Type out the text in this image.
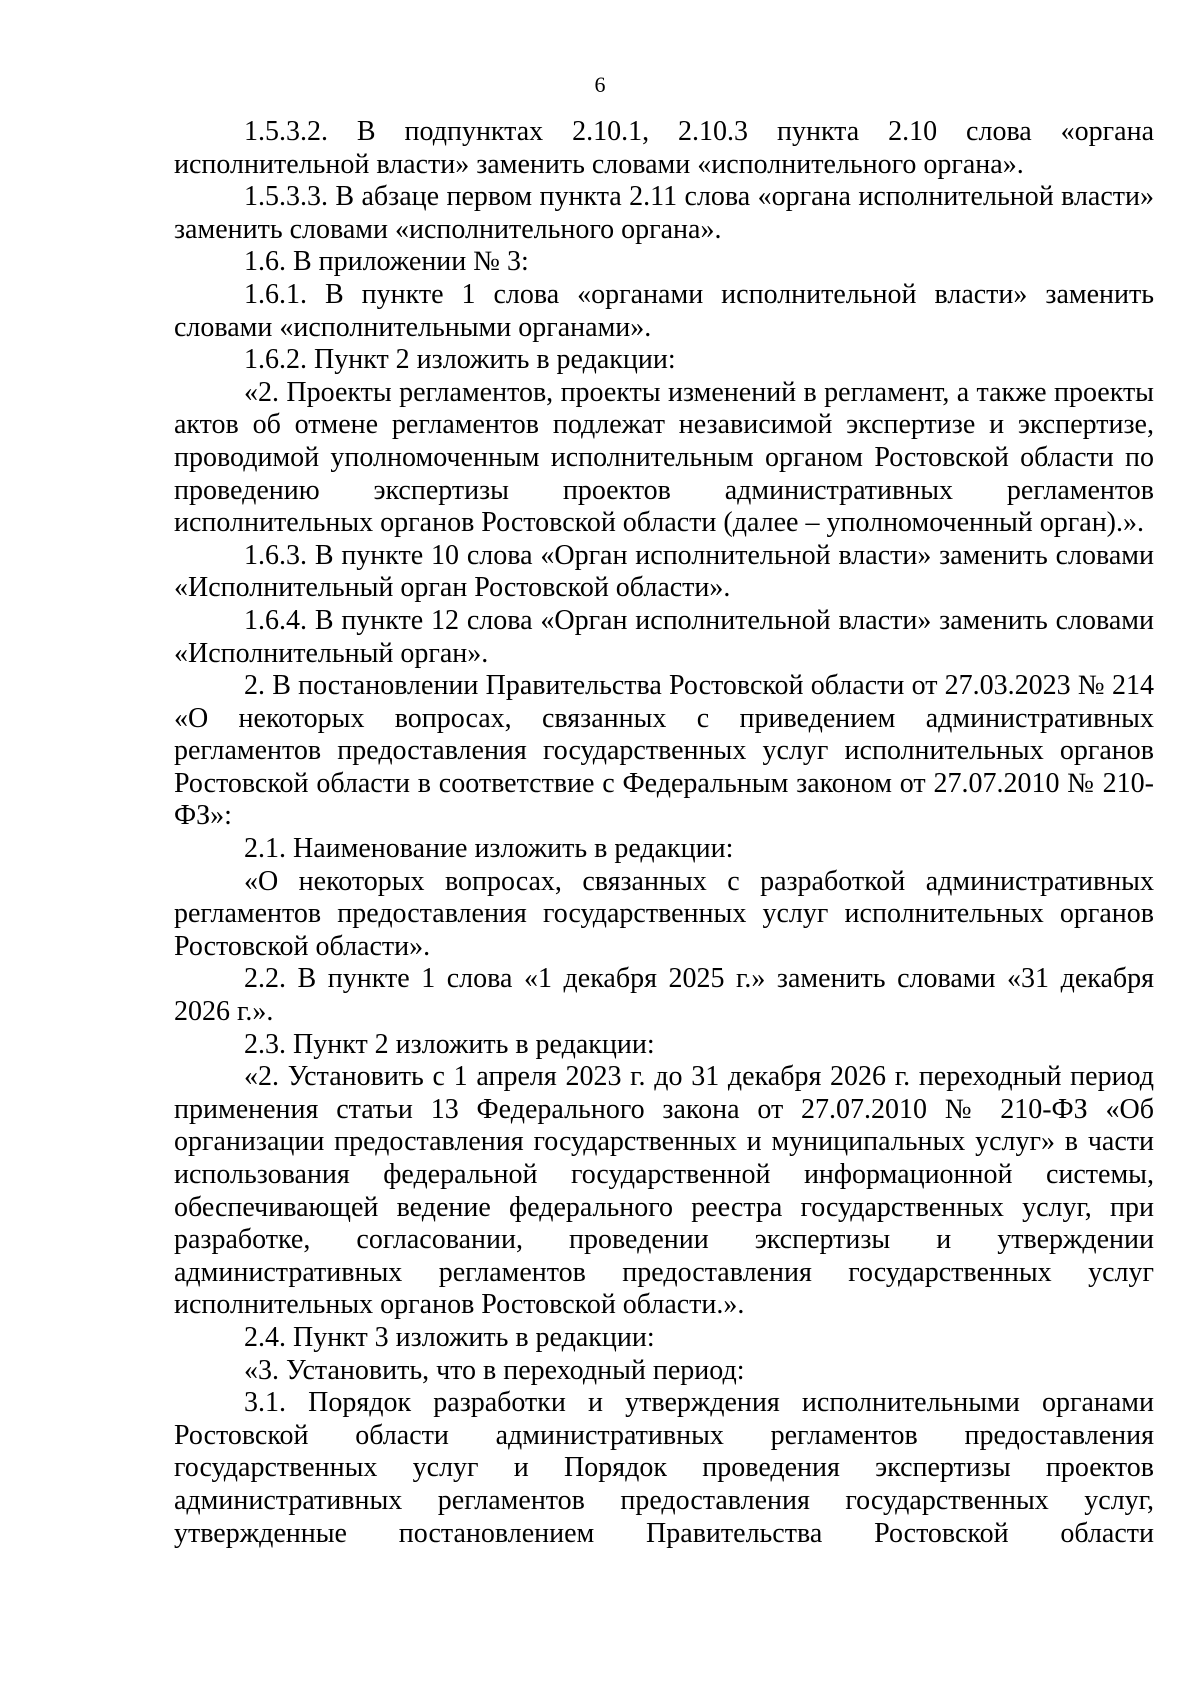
6

1.5.3.2. В подпунктах 2.10.1, 2.10.3 пункта 2.10 слова «органа исполнительной власти» заменить словами «исполнительного органа».

1.5.3.3. В абзаце первом пункта 2.11 слова «органа исполнительной власти» заменить словами «исполнительного органа».

1.6. В приложении № 3:

1.6.1. В пункте 1 слова «органами исполнительной власти» заменить словами «исполнительными органами».

1.6.2. Пункт 2 изложить в редакции:

«2. Проекты регламентов, проекты изменений в регламент, а также проекты актов об отмене регламентов подлежат независимой экспертизе и экспертизе, проводимой уполномоченным исполнительным органом Ростовской области по проведению экспертизы проектов административных регламентов исполнительных органов Ростовской области (далее – уполномоченный орган).».

1.6.3. В пункте 10 слова «Орган исполнительной власти» заменить словами «Исполнительный орган Ростовской области».

1.6.4. В пункте 12 слова «Орган исполнительной власти» заменить словами «Исполнительный орган».

2. В постановлении Правительства Ростовской области от 27.03.2023 № 214 «О некоторых вопросах, связанных с приведением административных регламентов предоставления государственных услуг исполнительных органов Ростовской области в соответствие с Федеральным законом от 27.07.2010 № 210-ФЗ»:

2.1. Наименование изложить в редакции:

«О некоторых вопросах, связанных с разработкой административных регламентов предоставления государственных услуг исполнительных органов Ростовской области».

2.2. В пункте 1 слова «1 декабря 2025 г.» заменить словами «31 декабря 2026 г.».

2.3. Пункт 2 изложить в редакции:

«2. Установить с 1 апреля 2023 г. до 31 декабря 2026 г. переходный период применения статьи 13 Федерального закона от 27.07.2010 № 210-ФЗ «Об организации предоставления государственных и муниципальных услуг» в части использования федеральной государственной информационной системы, обеспечивающей ведение федерального реестра государственных услуг, при разработке, согласовании, проведении экспертизы и утверждении административных регламентов предоставления государственных услуг исполнительных органов Ростовской области.».

2.4. Пункт 3 изложить в редакции:

«3. Установить, что в переходный период:

3.1. Порядок разработки и утверждения исполнительными органами Ростовской области административных регламентов предоставления государственных услуг и Порядок проведения экспертизы проектов административных регламентов предоставления государственных услуг, утвержденные постановлением Правительства Ростовской области
